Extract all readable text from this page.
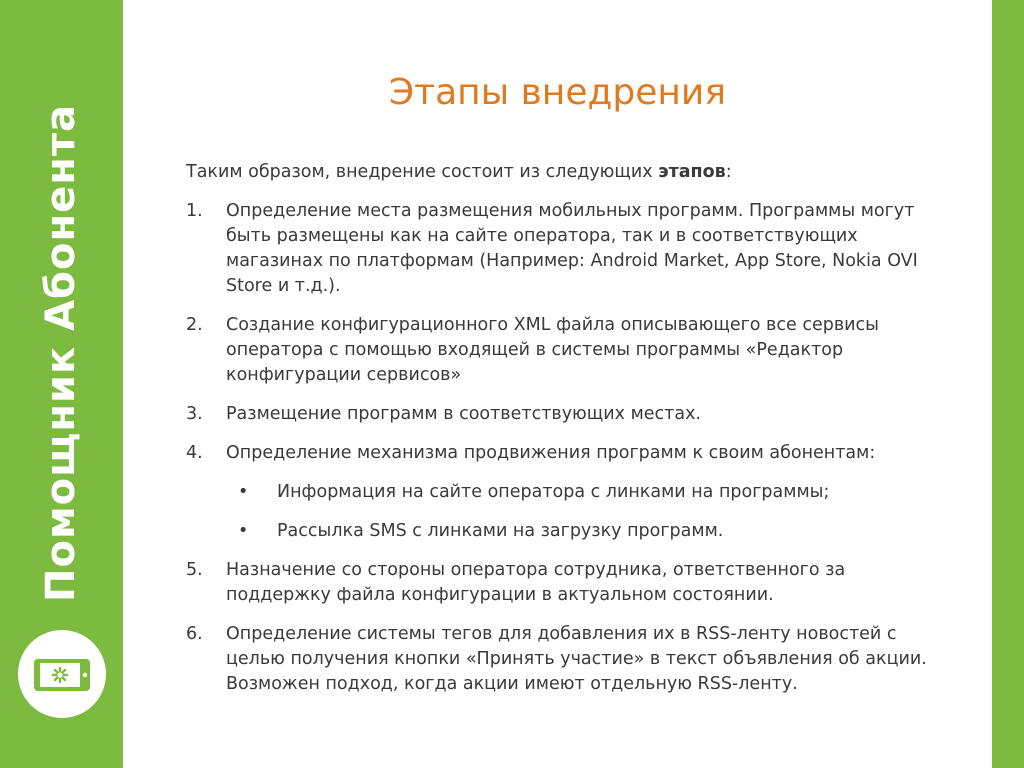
Помощник Абонента
Этапы внедрения

Таким образом, внедрение состоит из следующих этапов:

1. Определение места размещения мобильных программ. Программы могут быть размещены как на сайте оператора, так и в соответствующих магазинах по платформам (Например: Android Market, App Store, Nokia OVI Store и т.д.).
2. Создание конфигурационного XML файла описывающего все сервисы оператора с помощью входящей в системы программы «Редактор конфигурации сервисов»
3. Размещение программ в соответствующих местах.
4. Определение механизма продвижения программ к своим абонентам:
• Информация на сайте оператора с линками на программы;
• Рассылка SMS с линками на загрузку программ.
5. Назначение со стороны оператора сотрудника, ответственного за поддержку файла конфигурации в актуальном состоянии.
6. Определение системы тегов для добавления их в RSS-ленту новостей с целью получения кнопки «Принять участие» в текст объявления об акции. Возможен подход, когда акции имеют отдельную RSS-ленту.
